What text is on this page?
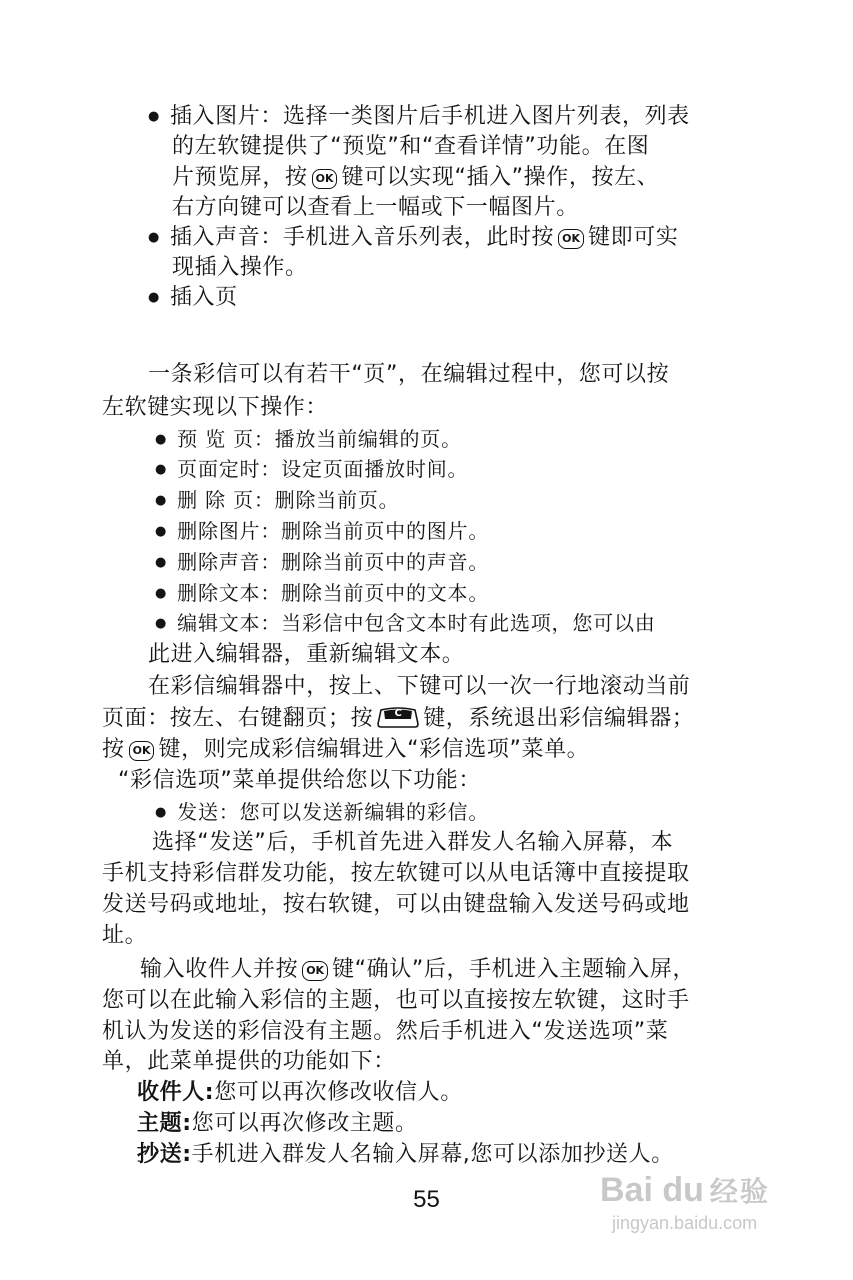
●插入图片：选择一类图片后手机进入图片列表，列表
的左软键提供了“预览”和“查看详情”功能。在图
片预览屏，按 OK 键可以实现“插入”操作，按左、
右方向键可以查看上一幅或下一幅图片。
●插入声音：手机进入音乐列表，此时按 OK 键即可实
现插入操作。
●插入页
一条彩信可以有若干“页”，在编辑过程中，您可以按
左软键实现以下操作：
●预 览 页：播放当前编辑的页。
●页面定时：设定页面播放时间。
●删 除 页：删除当前页。
●删除图片：删除当前页中的图片。
●删除声音：删除当前页中的声音。
●删除文本：删除当前页中的文本。
●编辑文本：当彩信中包含文本时有此选项，您可以由
此进入编辑器，重新编辑文本。
在彩信编辑器中，按上、下键可以一次一行地滚动当前
页面：按左、右键翻页；按	C 键，系统退出彩信编辑器；
按 OK 键，则完成彩信编辑进入“彩信选项”菜单。
“彩信选项”菜单提供给您以下功能：
●发送：您可以发送新编辑的彩信。
选择“发送”后，手机首先进入群发人名输入屏幕，本
手机支持彩信群发功能，按左软键可以从电话簿中直接提取
发送号码或地址，按右软键，可以由键盘输入发送号码或地
址。
输入收件人并按 OK 键“确认”后，手机进入主题输入屏，
您可以在此输入彩信的主题，也可以直接按左软键，这时手
机认为发送的彩信没有主题。然后手机进入“发送选项”菜
单，此菜单提供的功能如下：
收件人:您可以再次修改收信人。
主题:您可以再次修改主题。
抄送:手机进入群发人名输入屏幕,您可以添加抄送人。
55	Bai du 经验
jingyan.baidu.com
